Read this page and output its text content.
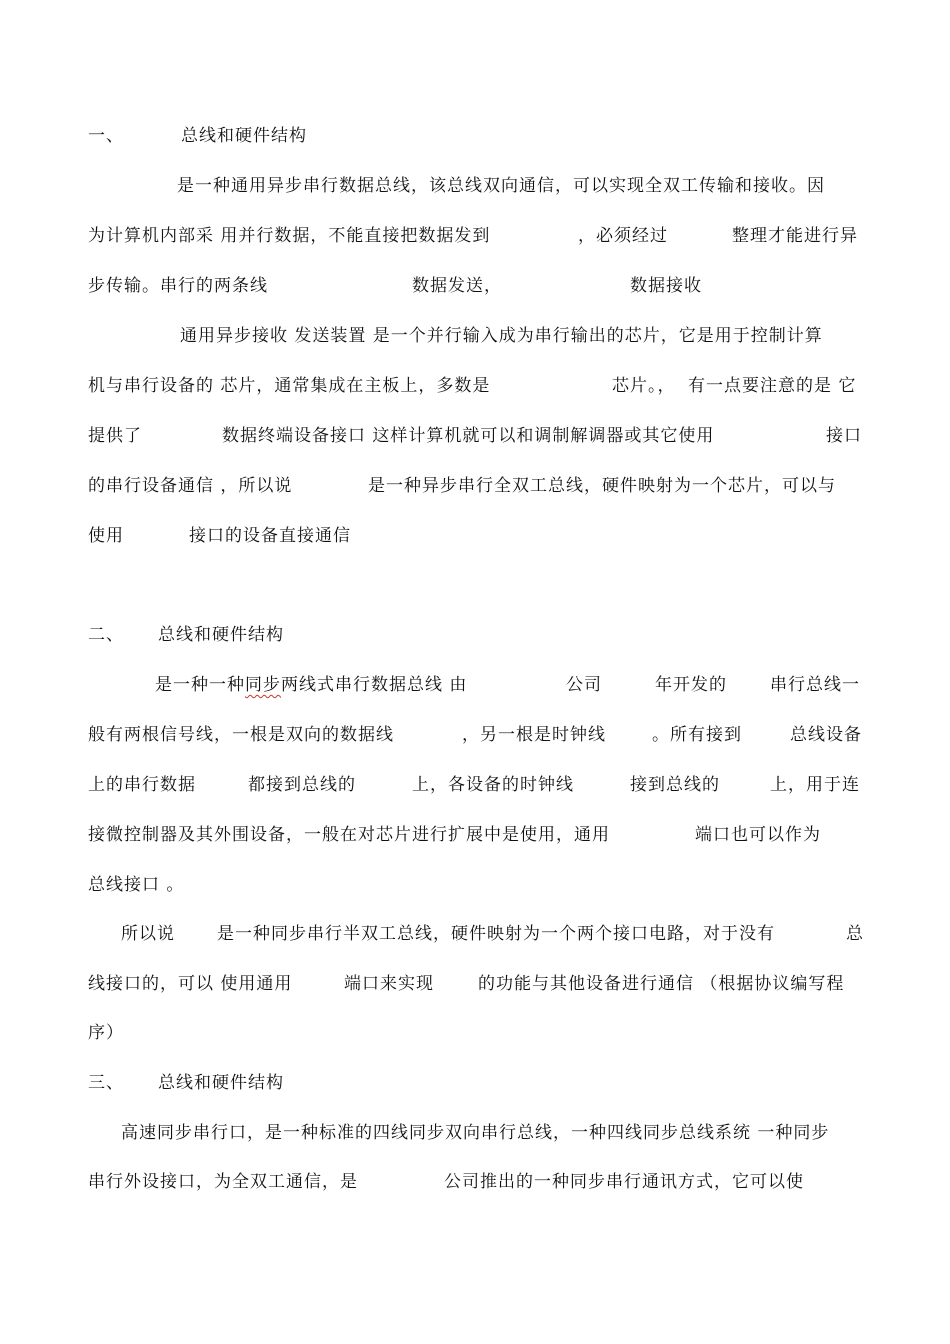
一、	总线和硬件结构
是一种通用异步串行数据总线，该总线双向通信，可以实现全双工传输和接收。因
为计算机内部采 用并行数据，不能直接把数据发到	，必须经过	整理才能进行异
步传输。串行的两条线	数据发送，	数据接收
通用异步接收 发送装置 是一个并行输入成为串行输出的芯片，它是用于控制计算
机与串行设备的 芯片，通常集成在主板上，多数是	芯片。， 有一点要注意的是 它
提供了	数据终端设备接口 这样计算机就可以和调制解调器或其它使用	接口
的串行设备通信 ，所以说	是一种异步串行全双工总线，硬件映射为一个芯片，可以与
使用	接口的设备直接通信
二、 总线和硬件结构
是一种一种同步两线式串行数据总线 由	公司	年开发的	串行总线一
般有两根信号线，一根是双向的数据线	，另一根是时钟线	。所有接到	总线设备
上的串行数据	都接到总线的	上，各设备的时钟线	接到总线的	上，用于连
接微控制器及其外围设备，一般在对芯片进行扩展中是使用，通用	端口也可以作为
总线接口 。
所以说 是一种同步串行半双工总线，硬件映射为一个两个接口电路，对于没有	总
线接口的，可以 使用通用	端口来实现	的功能与其他设备进行通信 （根据协议编写程
序）
三、 总线和硬件结构
高速同步串行口，是一种标准的四线同步双向串行总线，一种四线同步总线系统 一种同步
串行外设接口，为全双工通信，是	公司推出的一种同步串行通讯方式，它可以使
